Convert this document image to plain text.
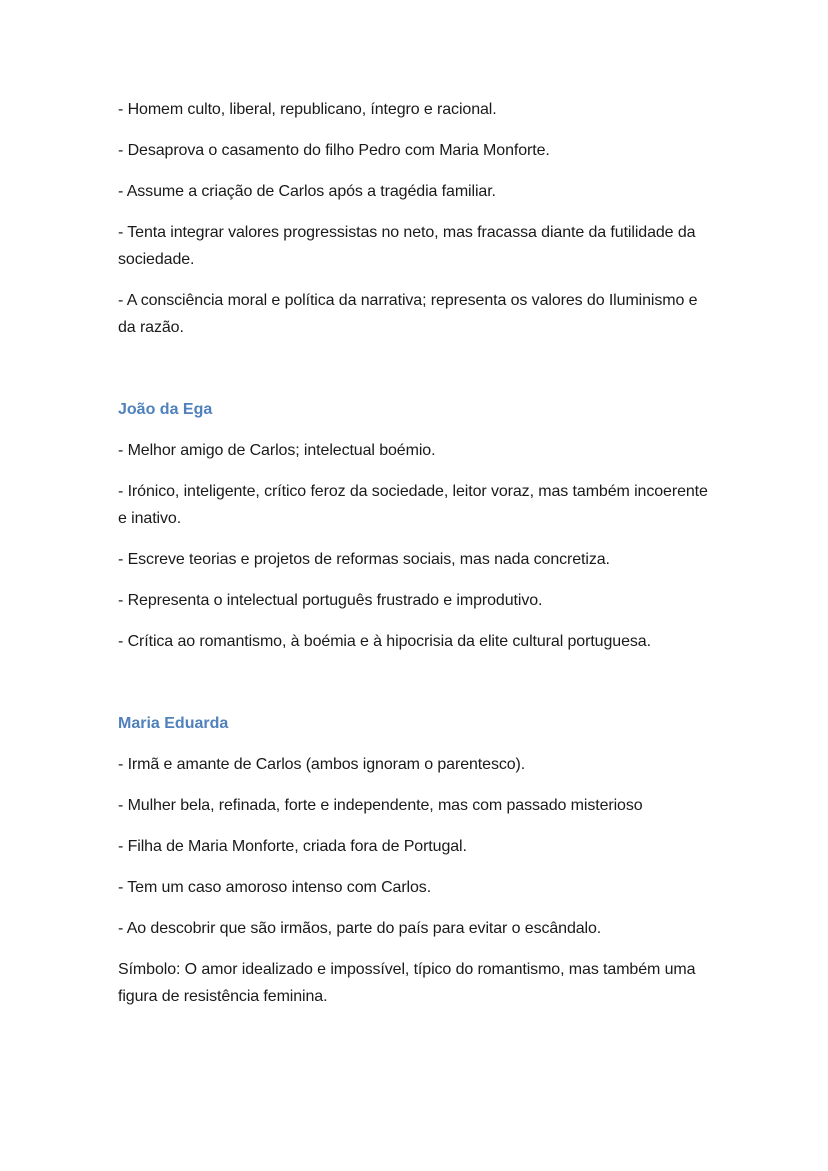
- Homem culto, liberal, republicano, íntegro e racional.

- Desaprova o casamento do filho Pedro com Maria Monforte.

- Assume a criação de Carlos após a tragédia familiar.

- Tenta integrar valores progressistas no neto, mas fracassa diante da futilidade da sociedade.

- A consciência moral e política da narrativa; representa os valores do Iluminismo e da razão.

João da Ega

- Melhor amigo de Carlos; intelectual boémio.

- Irónico, inteligente, crítico feroz da sociedade, leitor voraz, mas também incoerente e inativo.

- Escreve teorias e projetos de reformas sociais, mas nada concretiza.

- Representa o intelectual português frustrado e improdutivo.

- Crítica ao romantismo, à boémia e à hipocrisia da elite cultural portuguesa.

Maria Eduarda

- Irmã e amante de Carlos (ambos ignoram o parentesco).

- Mulher bela, refinada, forte e independente, mas com passado misterioso

- Filha de Maria Monforte, criada fora de Portugal.

- Tem um caso amoroso intenso com Carlos.

- Ao descobrir que são irmãos, parte do país para evitar o escândalo.

Símbolo: O amor idealizado e impossível, típico do romantismo, mas também uma figura de resistência feminina.
